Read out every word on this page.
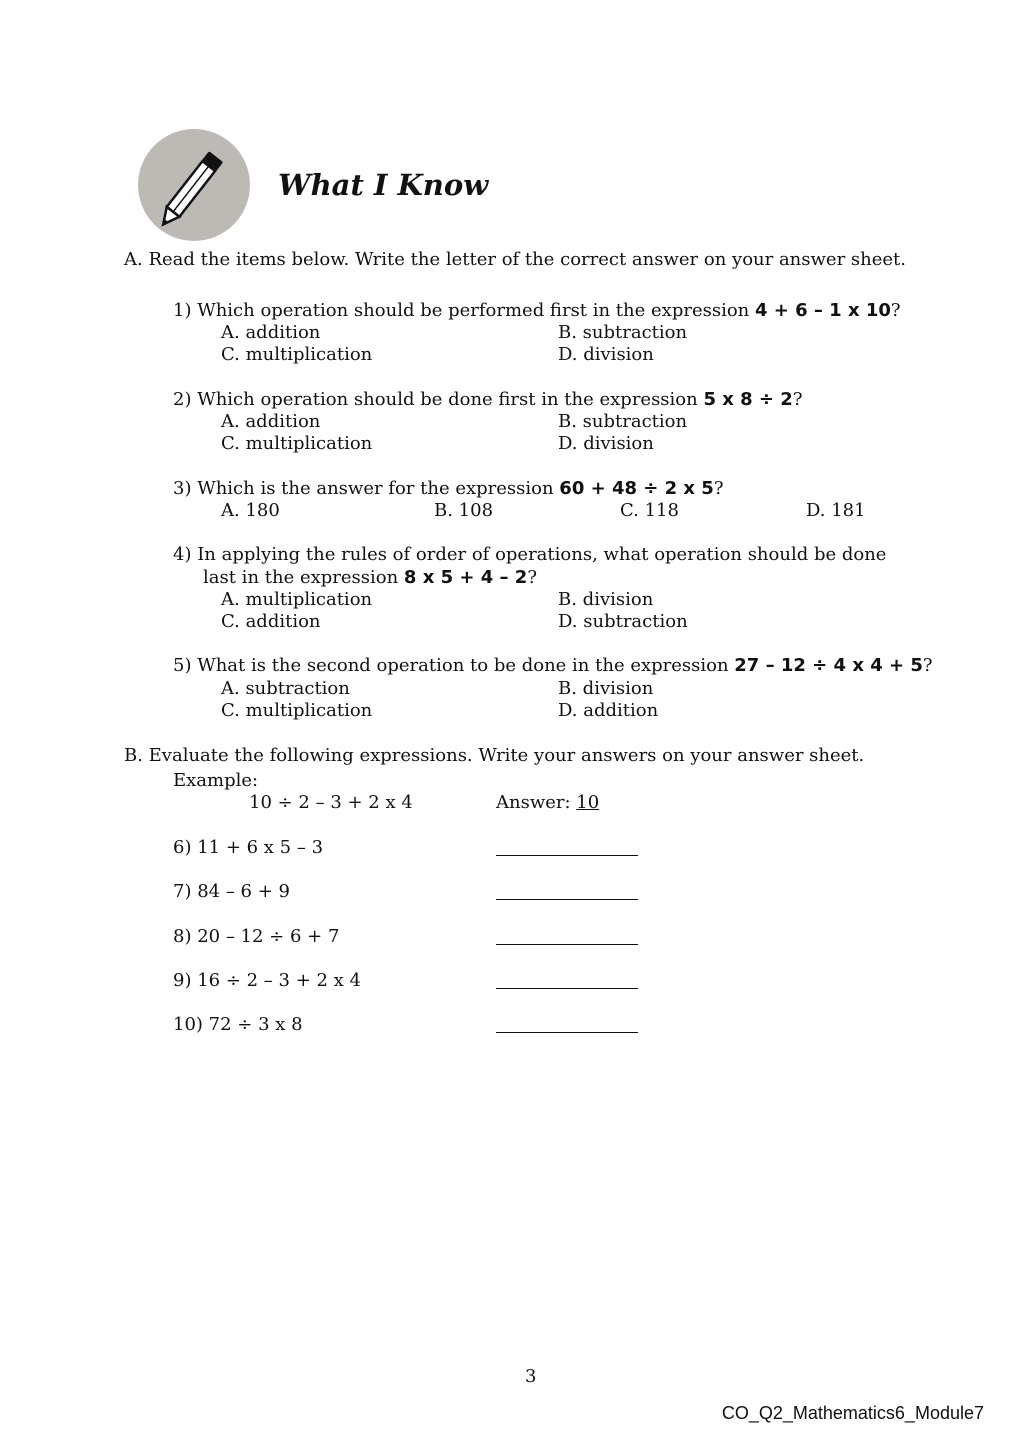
What I Know
A. Read the items below. Write the letter of the correct answer on your answer sheet.
1) Which operation should be performed first in the expression 4 + 6 – 1 x 10?
A. addition	B. subtraction
C. multiplication	D. division
2) Which operation should be done first in the expression 5 x 8 ÷ 2?
A. addition	B. subtraction
C. multiplication	D. division
3) Which is the answer for the expression 60 + 48 ÷ 2 x 5?
A. 180	B. 108	C. 118	D. 181
4) In applying the rules of order of operations, what operation should be done
last in the expression 8 x 5 + 4 – 2?
A. multiplication	B. division
C. addition	D. subtraction
5) What is the second operation to be done in the expression 27 – 12 ÷ 4 x 4 + 5?
A. subtraction	B. division
C. multiplication	D. addition
B. Evaluate the following expressions. Write your answers on your answer sheet.
Example:
10 ÷ 2 – 3 + 2 x 4	Answer: 10
6) 11 + 6 x 5 – 3
7) 84 – 6 + 9
8) 20 – 12 ÷ 6 + 7
9) 16 ÷ 2 – 3 + 2 x 4
10) 72 ÷ 3 x 8
3
CO_Q2_Mathematics6_Module7
